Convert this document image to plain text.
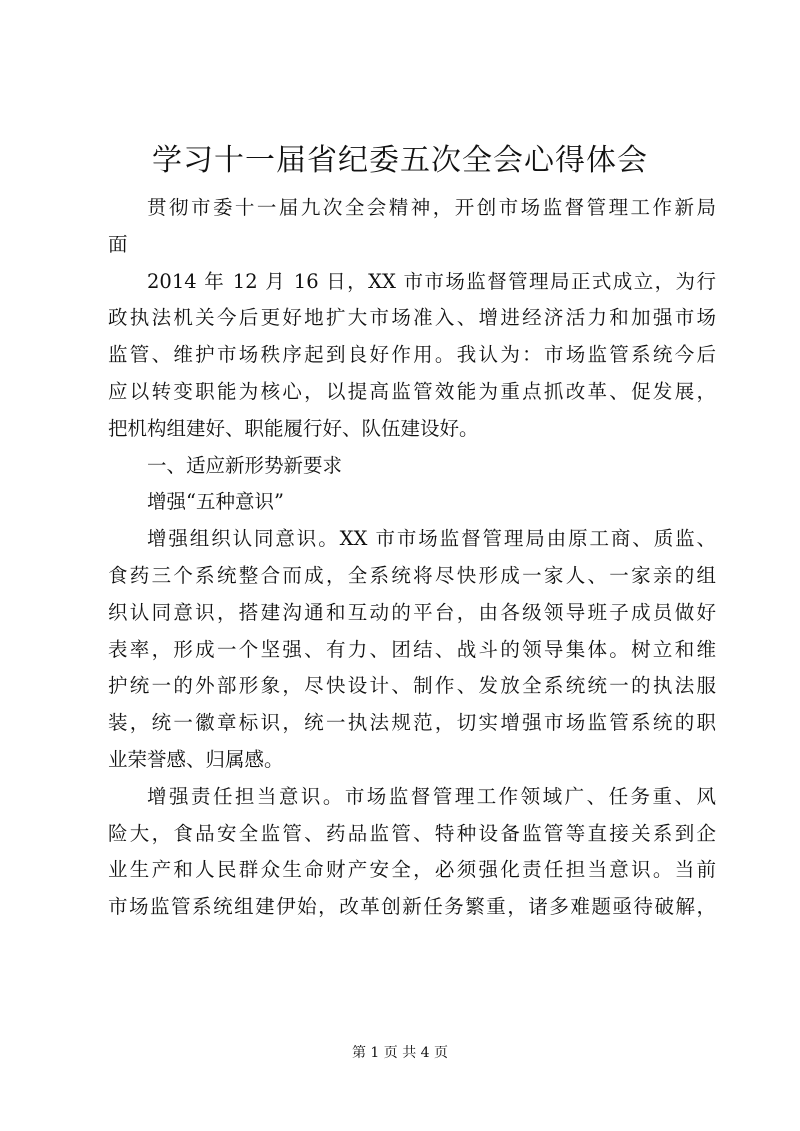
学习十一届省纪委五次全会心得体会

贯彻市委十一届九次全会精神，开创市场监督管理工作新局
面

2014 年 12 月 16 日，XX 市市场监督管理局正式成立，为行
政执法机关今后更好地扩大市场准入、增进经济活力和加强市场
监管、维护市场秩序起到良好作用。我认为：市场监管系统今后
应以转变职能为核心，以提高监管效能为重点抓改革、促发展，
把机构组建好、职能履行好、队伍建设好。

一、适应新形势新要求

增强“五种意识”

增强组织认同意识。XX 市市场监督管理局由原工商、质监、
食药三个系统整合而成，全系统将尽快形成一家人、一家亲的组
织认同意识，搭建沟通和互动的平台，由各级领导班子成员做好
表率，形成一个坚强、有力、团结、战斗的领导集体。树立和维
护统一的外部形象，尽快设计、制作、发放全系统统一的执法服
装，统一徽章标识，统一执法规范，切实增强市场监管系统的职
业荣誉感、归属感。

增强责任担当意识。市场监督管理工作领域广、任务重、风
险大，食品安全监管、药品监管、特种设备监管等直接关系到企
业生产和人民群众生命财产安全，必须强化责任担当意识。当前
市场监管系统组建伊始，改革创新任务繁重，诸多难题亟待破解，

第 1 页 共 4 页
